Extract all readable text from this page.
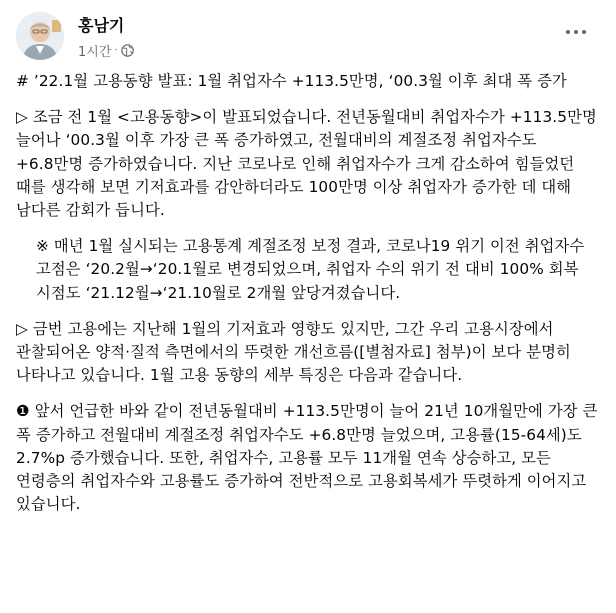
홍남기
1시간 ·

# ’22.1월 고용동향 발표: 1월 취업자수 +113.5만명, ‘00.3월 이후 최대 폭 증가

▷ 조금 전 1월 <고용동향>이 발표되었습니다. 전년동월대비 취업자수가 +113.5만명 늘어나 ‘00.3월 이후 가장 큰 폭 증가하였고, 전월대비의 계절조정 취업자수도 +6.8만명 증가하였습니다. 지난 코로나로 인해 취업자수가 크게 감소하여 힘들었던 때를 생각해 보면 기저효과를 감안하더라도 100만명 이상 취업자가 증가한 데 대해 남다른 감회가 듭니다.

※ 매년 1월 실시되는 고용통계 계절조정 보정 결과, 코로나19 위기 이전 취업자수 고점은 ‘20.2월→‘20.1월로 변경되었으며, 취업자 수의 위기 전 대비 100% 회복 시점도 ‘21.12월→‘21.10월로 2개월 앞당겨졌습니다.

▷ 금번 고용에는 지난해 1월의 기저효과 영향도 있지만, 그간 우리 고용시장에서 관찰되어온 양적·질적 측면에서의 뚜렷한 개선흐름([별첨자료] 첨부)이 보다 분명히 나타나고 있습니다. 1월 고용 동향의 세부 특징은 다음과 같습니다.

❶ 앞서 언급한 바와 같이 전년동월대비 +113.5만명이 늘어 21년 10개월만에 가장 큰 폭 증가하고 전월대비 계절조정 취업자수도 +6.8만명 늘었으며, 고용률(15-64세)도 2.7%p 증가했습니다. 또한, 취업자수, 고용률 모두 11개월 연속 상승하고, 모든 연령층의 취업자수와 고용률도 증가하여 전반적으로 고용회복세가 뚜렷하게 이어지고 있습니다.
